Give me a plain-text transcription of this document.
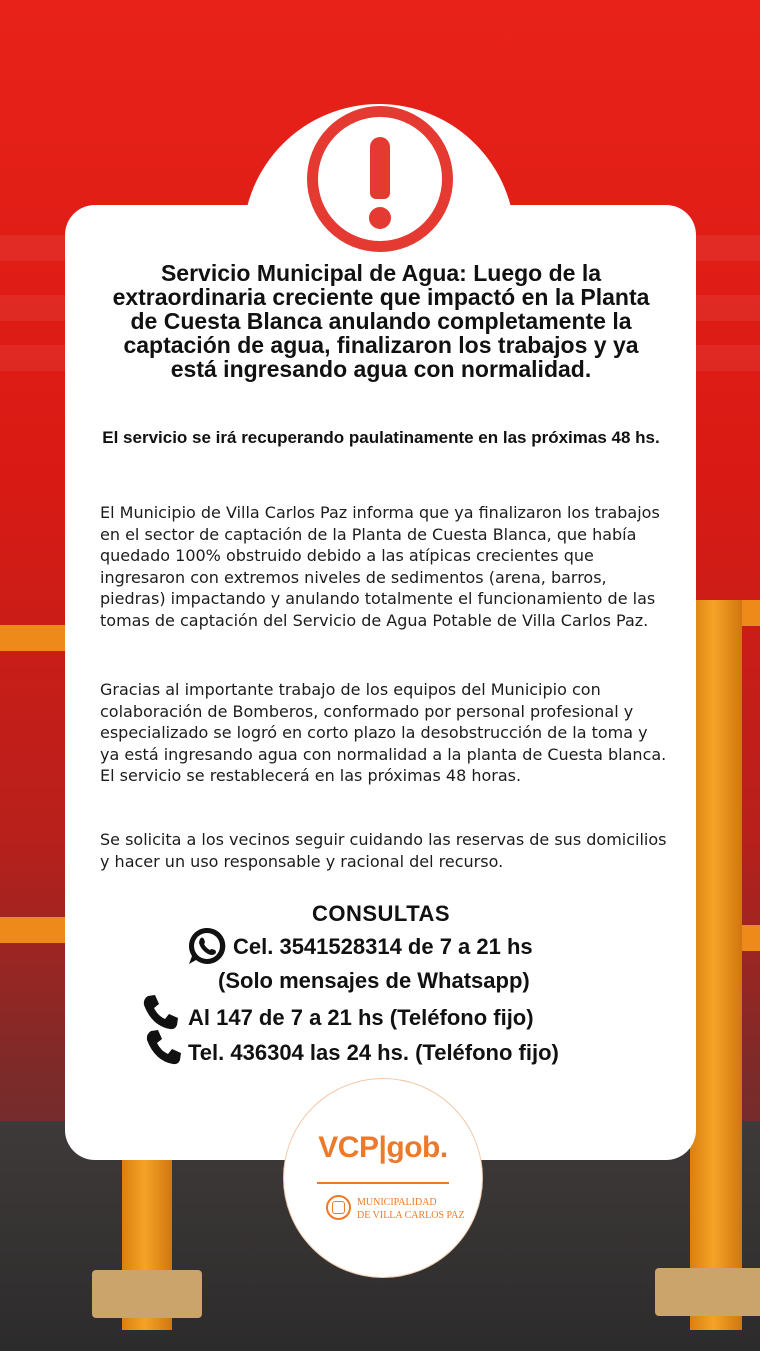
Servicio Municipal de Agua: Luego de la extraordinaria creciente que impactó en la Planta de Cuesta Blanca anulando completamente la captación de agua, finalizaron los trabajos y ya está ingresando agua con normalidad.
El servicio se irá recuperando paulatinamente en las próximas 48 hs.
El Municipio de Villa Carlos Paz informa que ya finalizaron los trabajos en el sector de captación de la Planta de Cuesta Blanca, que había quedado 100% obstruido debido a las atípicas crecientes que ingresaron con extremos niveles de sedimentos (arena, barros, piedras) impactando y anulando totalmente el funcionamiento de las tomas de captación del Servicio de Agua Potable de Villa Carlos Paz.
Gracias al importante trabajo de los equipos del Municipio con colaboración de Bomberos, conformado por personal profesional y especializado se logró en corto plazo la desobstrucción de la toma y ya está ingresando agua con normalidad a la planta de Cuesta blanca. El servicio se restablecerá en las próximas 48 horas.
Se solicita a los vecinos seguir cuidando las reservas de sus domicilios y hacer un uso responsable y racional del recurso.
CONSULTAS
Cel. 3541528314 de 7 a 21 hs
(Solo mensajes de Whatsapp)
Al 147 de 7 a 21 hs (Teléfono fijo)
Tel. 436304 las 24 hs. (Teléfono fijo)
VCP|gob.
MUNICIPALIDAD
DE VILLA CARLOS PAZ
